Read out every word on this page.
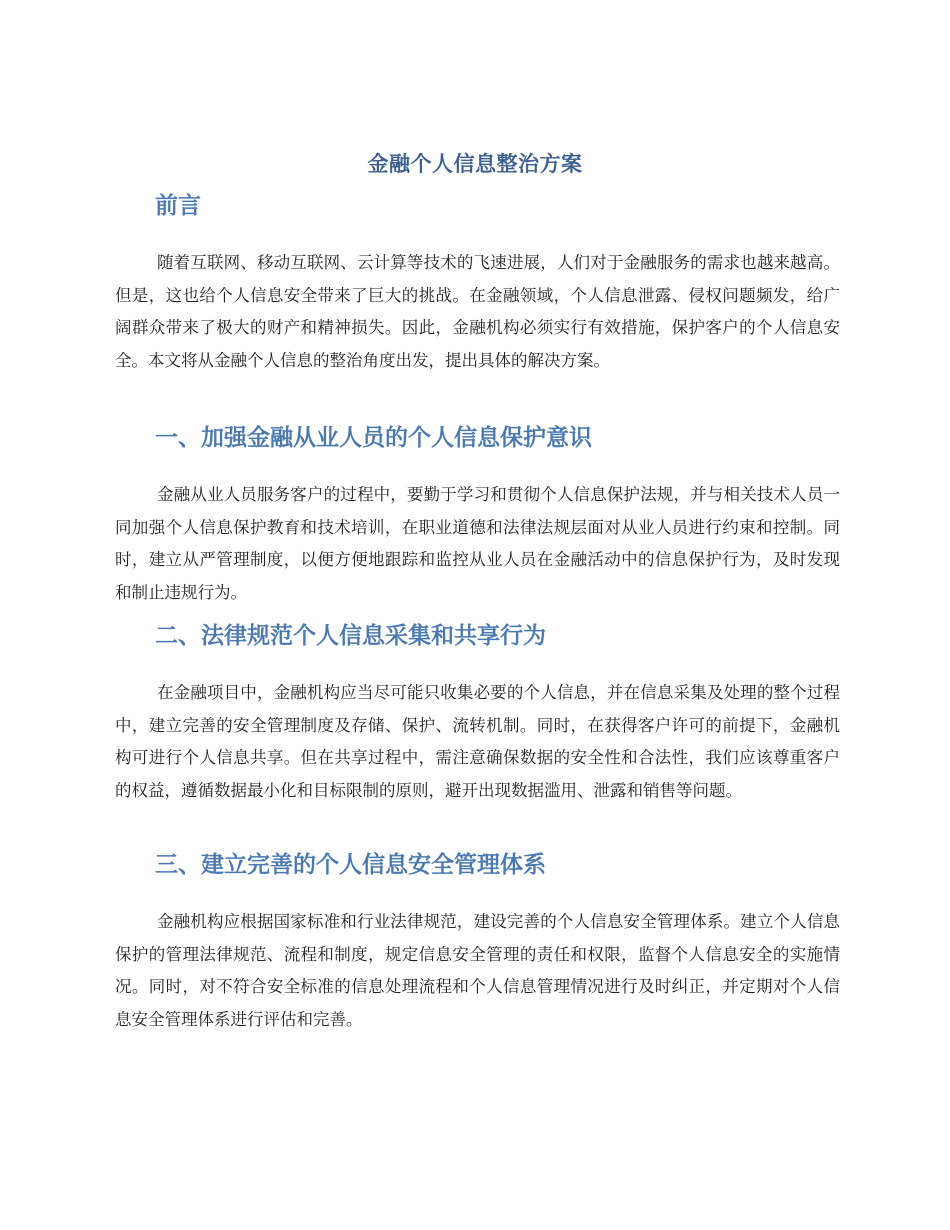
金融个人信息整治方案
前言

随着互联网、移动互联网、云计算等技术的飞速进展，人们对于金融服务的需求也越来越高。但是，这也给个人信息安全带来了巨大的挑战。在金融领域，个人信息泄露、侵权问题频发，给广阔群众带来了极大的财产和精神损失。因此，金融机构必须实行有效措施，保护客户的个人信息安全。本文将从金融个人信息的整治角度出发，提出具体的解决方案。

一、加强金融从业人员的个人信息保护意识

金融从业人员服务客户的过程中，要勤于学习和贯彻个人信息保护法规，并与相关技术人员一同加强个人信息保护教育和技术培训，在职业道德和法律法规层面对从业人员进行约束和控制。同时，建立从严管理制度，以便方便地跟踪和监控从业人员在金融活动中的信息保护行为，及时发现和制止违规行为。

二、法律规范个人信息采集和共享行为

在金融项目中，金融机构应当尽可能只收集必要的个人信息，并在信息采集及处理的整个过程中，建立完善的安全管理制度及存储、保护、流转机制。同时，在获得客户许可的前提下，金融机构可进行个人信息共享。但在共享过程中，需注意确保数据的安全性和合法性，我们应该尊重客户的权益，遵循数据最小化和目标限制的原则，避开出现数据滥用、泄露和销售等问题。

三、建立完善的个人信息安全管理体系

金融机构应根据国家标准和行业法律规范，建设完善的个人信息安全管理体系。建立个人信息保护的管理法律规范、流程和制度，规定信息安全管理的责任和权限，监督个人信息安全的实施情况。同时，对不符合安全标准的信息处理流程和个人信息管理情况进行及时纠正，并定期对个人信息安全管理体系进行评估和完善。
